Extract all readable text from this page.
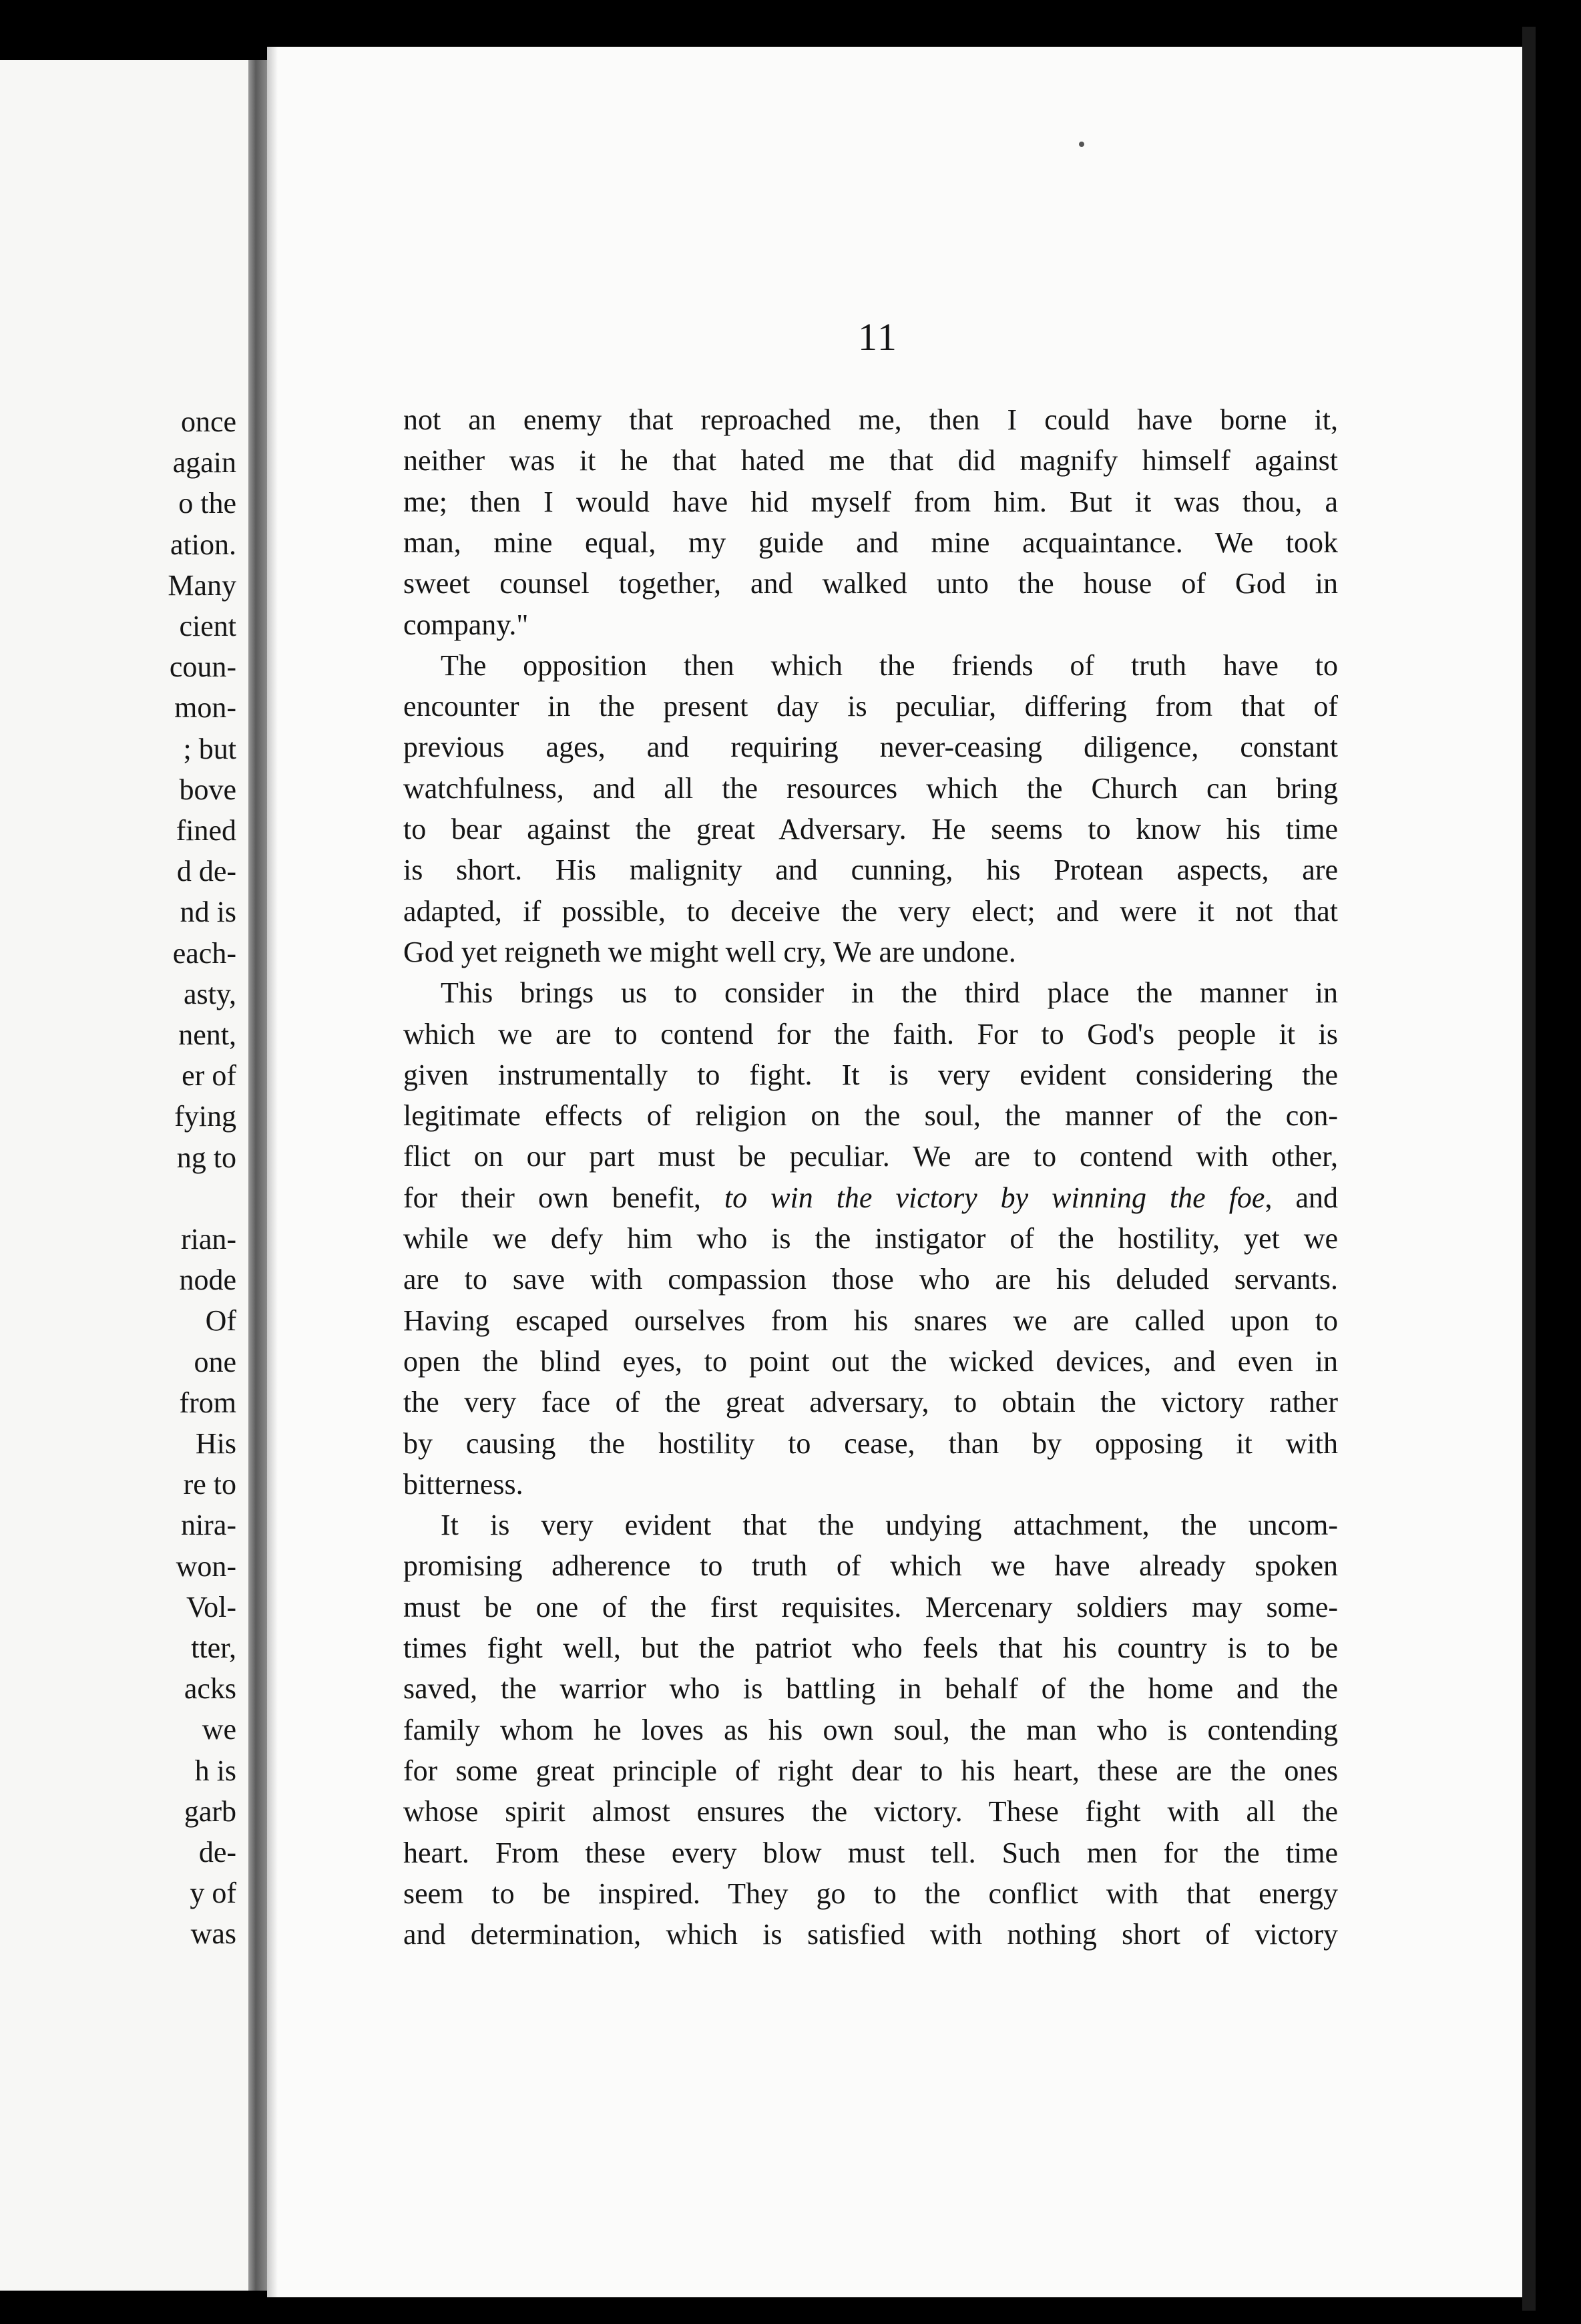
once
again
o the
ation.
Many
cient
coun-
mon-
; but
bove
fined
d de-
nd is
each-
asty,
nent,
er of
fying
ng to
rian-
node
Of
one
from
His
re to
nira-
won-
Vol-
tter,
acks
we
h is
garb
de-
y of
was
11
not an enemy that reproached me, then I could have borne it,
neither was it he that hated me that did magnify himself against
me; then I would have hid myself from him. But it was thou, a
man, mine equal, my guide and mine acquaintance. We took
sweet counsel together, and walked unto the house of God in
company."
The opposition then which the friends of truth have to
encounter in the present day is peculiar, differing from that of
previous ages, and requiring never-ceasing diligence, constant
watchfulness, and all the resources which the Church can bring
to bear against the great Adversary. He seems to know his time
is short. His malignity and cunning, his Protean aspects, are
adapted, if possible, to deceive the very elect; and were it not that
God yet reigneth we might well cry, We are undone.
This brings us to consider in the third place the manner in
which we are to contend for the faith. For to God's people it is
given instrumentally to fight. It is very evident considering the
legitimate effects of religion on the soul, the manner of the con-
flict on our part must be peculiar. We are to contend with other,
for their own benefit, to win the victory by winning the foe, and
while we defy him who is the instigator of the hostility, yet we
are to save with compassion those who are his deluded servants.
Having escaped ourselves from his snares we are called upon to
open the blind eyes, to point out the wicked devices, and even in
the very face of the great adversary, to obtain the victory rather
by causing the hostility to cease, than by opposing it with
bitterness.
It is very evident that the undying attachment, the uncom-
promising adherence to truth of which we have already spoken
must be one of the first requisites. Mercenary soldiers may some-
times fight well, but the patriot who feels that his country is to be
saved, the warrior who is battling in behalf of the home and the
family whom he loves as his own soul, the man who is contending
for some great principle of right dear to his heart, these are the ones
whose spirit almost ensures the victory. These fight with all the
heart. From these every blow must tell. Such men for the time
seem to be inspired. They go to the conflict with that energy
and determination, which is satisfied with nothing short of victory
